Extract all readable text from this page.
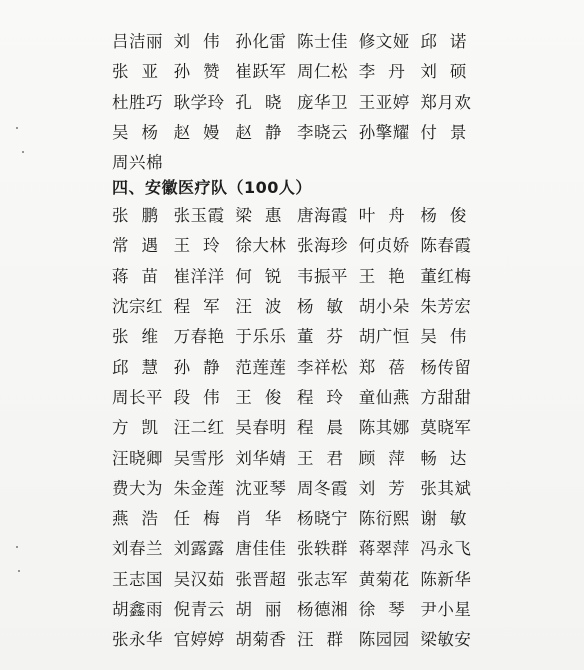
吕洁丽 刘伟 孙化雷 陈士佳 修文娅 邱诺
张亚 孙赞 崔跃军 周仁松 李丹 刘硕
杜胜巧 耿学玲 孔晓 庞华卫 王亚婷 郑月欢
吴杨 赵嫚 赵静 李晓云 孙擎耀 付景
周兴棉
四、安徽医疗队（100人）
张鹏 张玉霞 梁惠 唐海霞 叶舟 杨俊
常遇 王玲 徐大林 张海珍 何贞娇 陈春霞
蒋苗 崔洋洋 何锐 韦振平 王艳 董红梅
沈宗红 程军 汪波 杨敏 胡小朵 朱芳宏
张维 万春艳 于乐乐 董芬 胡广恒 吴伟
邱慧 孙静 范莲莲 李祥松 郑蓓 杨传留
周长平 段伟 王俊 程玲 童仙燕 方甜甜
方凯 汪二红 吴春明 程晨 陈其娜 莫晓军
汪晓卿 吴雪彤 刘华婧 王君 顾萍 畅达
费大为 朱金莲 沈亚琴 周冬霞 刘芳 张其斌
燕浩 任梅 肖华 杨晓宁 陈衍熙 谢敏
刘春兰 刘露露 唐佳佳 张轶群 蒋翠萍 冯永飞
王志国 吴汉茹 张晋超 张志军 黄菊花 陈新华
胡鑫雨 倪青云 胡丽 杨德湘 徐琴 尹小星
张永华 官婷婷 胡菊香 汪群 陈园园 梁敏安
